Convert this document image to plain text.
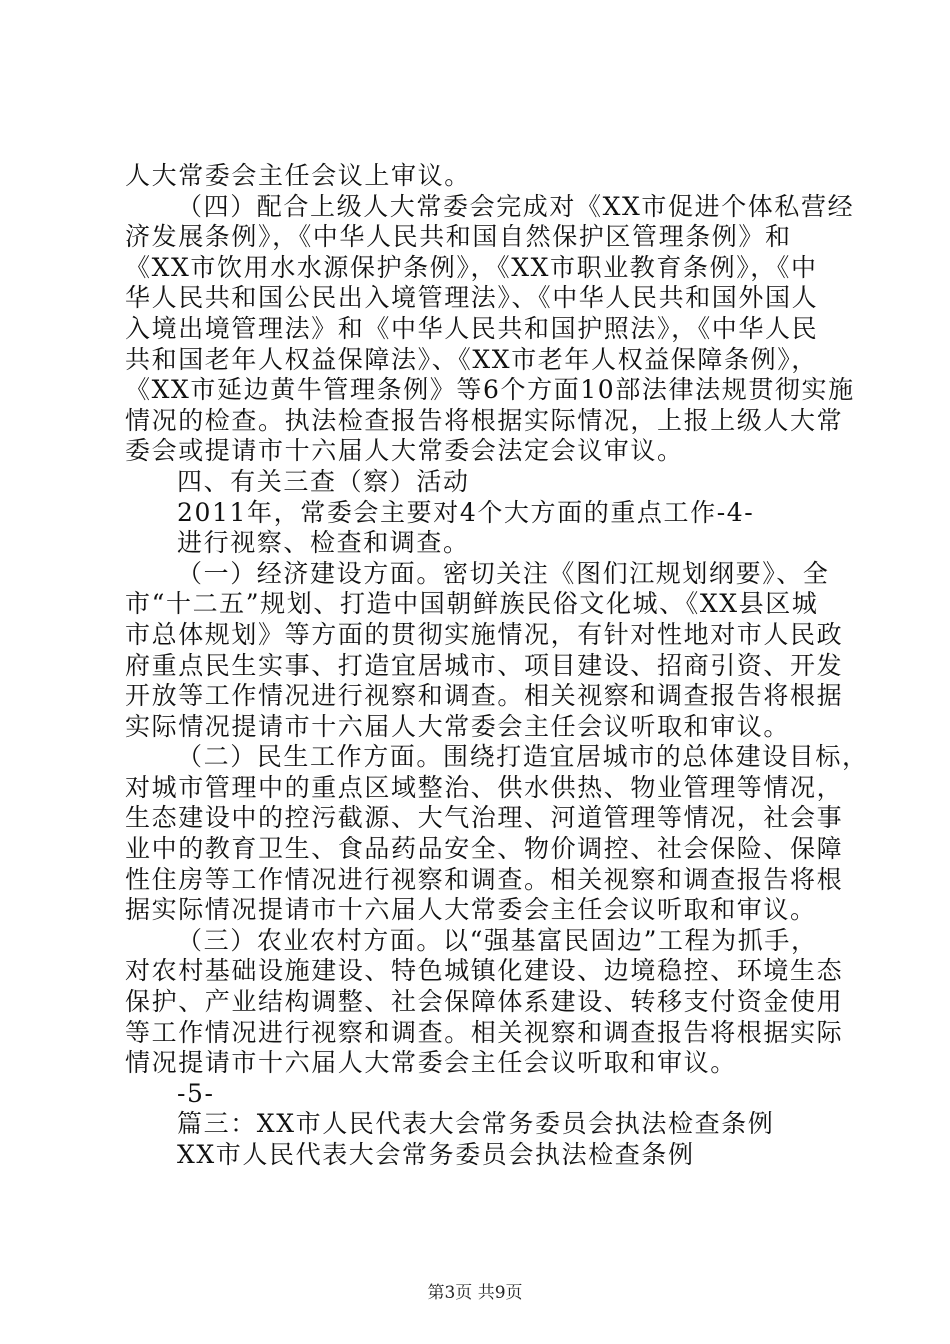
人大常委会主任会议上审议。
（四）配合上级人大常委会完成对《XX市促进个体私营经
济发展条例》，《中华人民共和国自然保护区管理条例》和
《XX市饮用水水源保护条例》，《XX市职业教育条例》，《中
华人民共和国公民出入境管理法》、《中华人民共和国外国人
入境出境管理法》和《中华人民共和国护照法》，《中华人民
共和国老年人权益保障法》、《XX市老年人权益保障条例》，
《XX市延边黄牛管理条例》等6个方面10部法律法规贯彻实施
情况的检查。执法检查报告将根据实际情况，上报上级人大常
委会或提请市十六届人大常委会法定会议审议。
四、有关三查（察）活动
2011年，常委会主要对4个大方面的重点工作-4-
进行视察、检查和调查。
（一）经济建设方面。密切关注《图们江规划纲要》、全
市“十二五”规划、打造中国朝鲜族民俗文化城、《XX县区城
市总体规划》等方面的贯彻实施情况，有针对性地对市人民政
府重点民生实事、打造宜居城市、项目建设、招商引资、开发
开放等工作情况进行视察和调查。相关视察和调查报告将根据
实际情况提请市十六届人大常委会主任会议听取和审议。
（二）民生工作方面。围绕打造宜居城市的总体建设目标，
对城市管理中的重点区域整治、供水供热、物业管理等情况，
生态建设中的控污截源、大气治理、河道管理等情况，社会事
业中的教育卫生、食品药品安全、物价调控、社会保险、保障
性住房等工作情况进行视察和调查。相关视察和调查报告将根
据实际情况提请市十六届人大常委会主任会议听取和审议。
（三）农业农村方面。以“强基富民固边”工程为抓手，
对农村基础设施建设、特色城镇化建设、边境稳控、环境生态
保护、产业结构调整、社会保障体系建设、转移支付资金使用
等工作情况进行视察和调查。相关视察和调查报告将根据实际
情况提请市十六届人大常委会主任会议听取和审议。
-5-
篇三：XX市人民代表大会常务委员会执法检查条例
XX市人民代表大会常务委员会执法检查条例
第3页 共9页
